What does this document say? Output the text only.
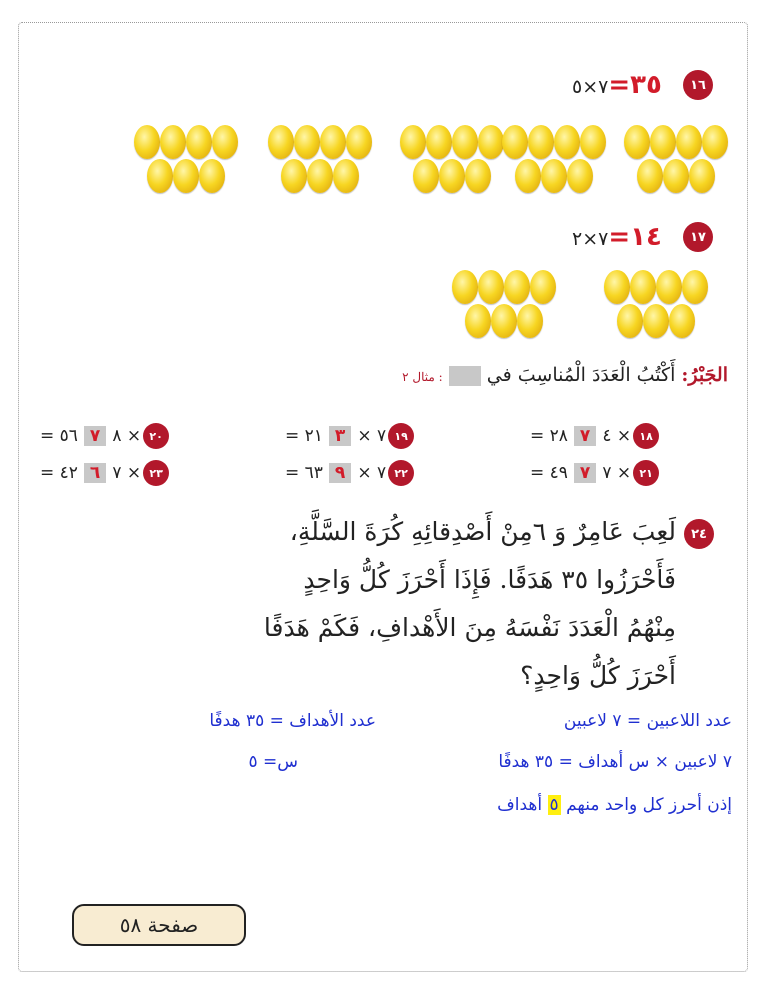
١٦
٣٥=٧×٥
١٧
١٤=٧×٢
الجَبْرُ: أَكْتُبُ الْعَدَدَ الْمُناسِبَ في  : مثال ٢
= ٢٨ ٧ ٤ × ١٨
= ٢١ ٣ × ٧ ١٩
= ٥٦ ٧ ٨ × ٢٠
= ٤٩ ٧ ٧ × ٢١
= ٦٣ ٩ × ٧ ٢٢
= ٤٢ ٦ ٧ × ٢٣
٢٤
لَعِبَ عَامِرٌ وَ ٦مِنْ أَصْدِقائِهِ كُرَةَ السَّلَّةِ،
فَأَحْرَزُوا ٣٥ هَدَفًا. فَإِذَا أَحْرَزَ كُلُّ وَاحِدٍ
مِنْهُمُ الْعَدَدَ نَفْسَهُ مِنَ الأَهْدافِ، فَكَمْ هَدَفًا
أَحْرَزَ كُلُّ وَاحِدٍ؟
عدد اللاعبين = ٧ لاعبين
عدد الأهداف = ٣٥ هدفًا
٧ لاعبين × س أهداف = ٣٥ هدفًا
س= ٥
إذن أحرز كل واحد منهم ٥ أهداف
صفحة ٥٨
